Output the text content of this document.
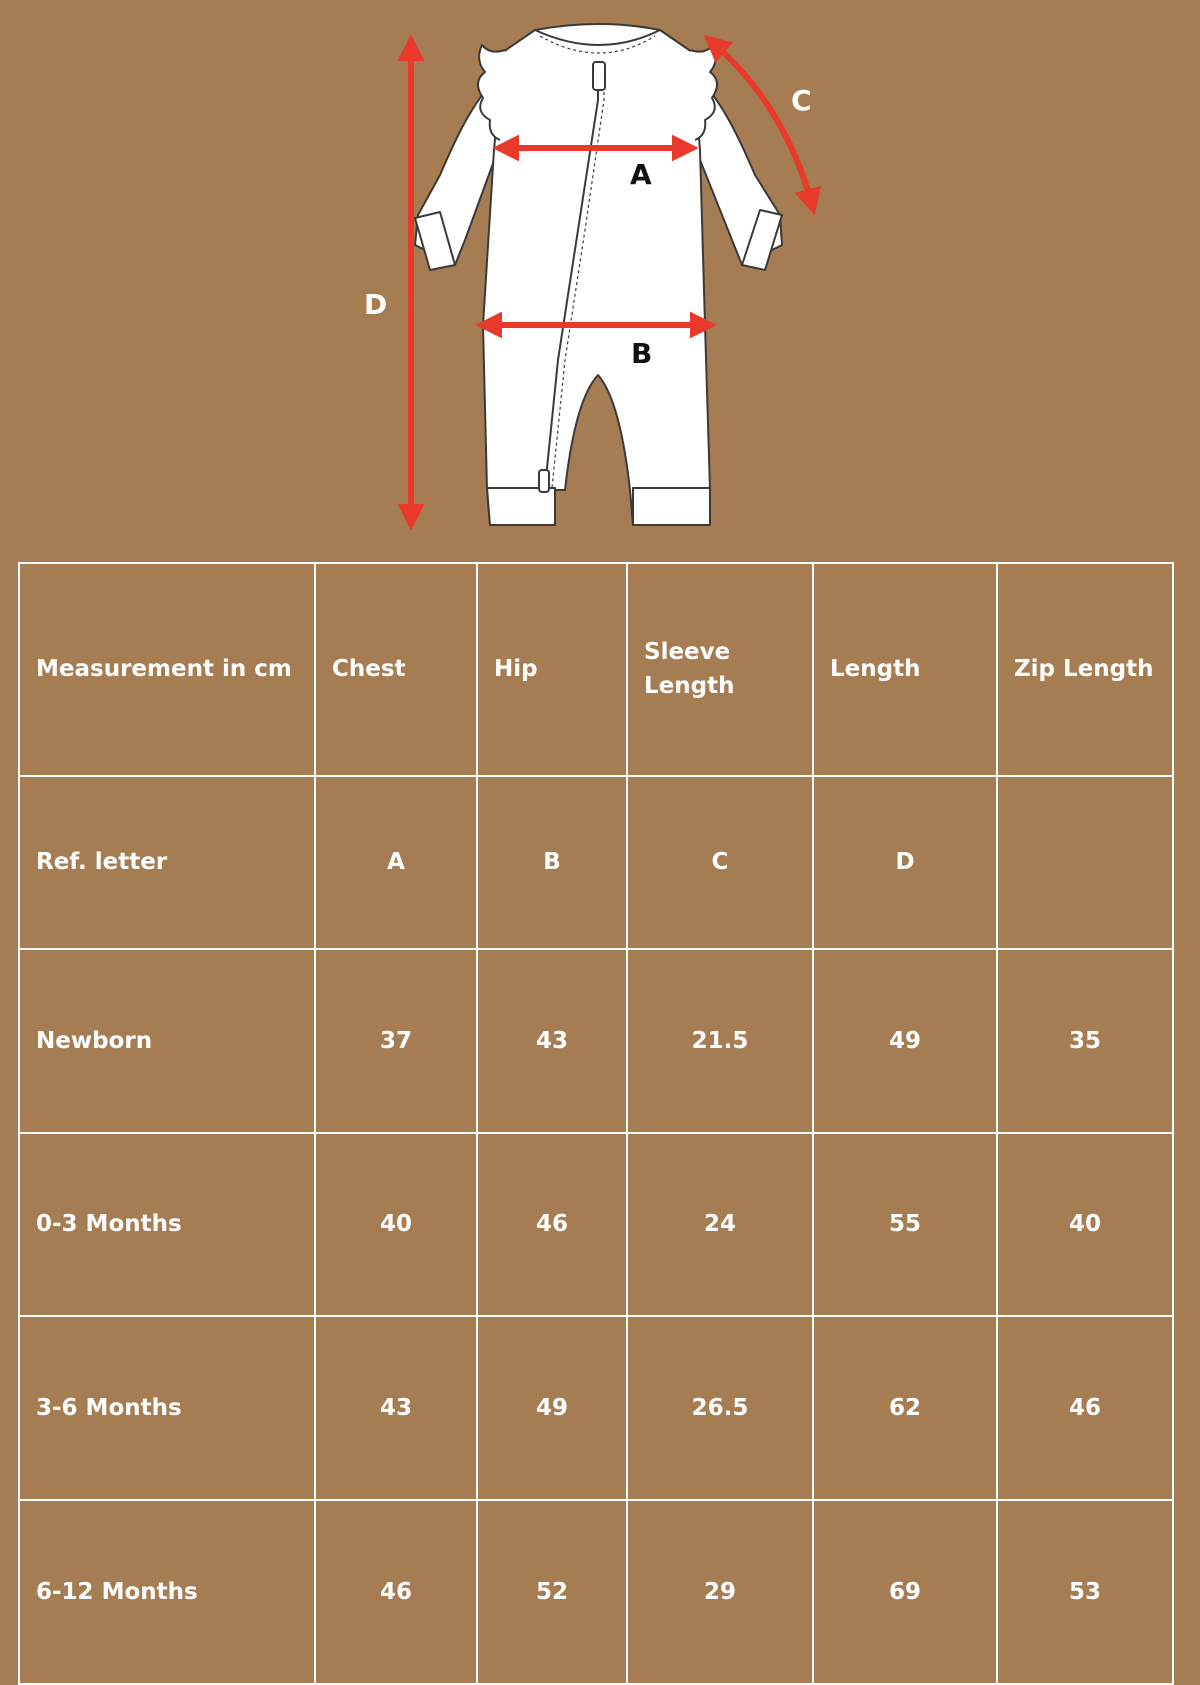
A
B
C
D
Measurement in cm	Chest	Hip	Sleeve Length	Length	Zip Length
Ref. letter	A	B	C	D	
Newborn	37	43	21.5	49	35
0-3 Months	40	46	24	55	40
3-6 Months	43	49	26.5	62	46
6-12 Months	46	52	29	69	53
